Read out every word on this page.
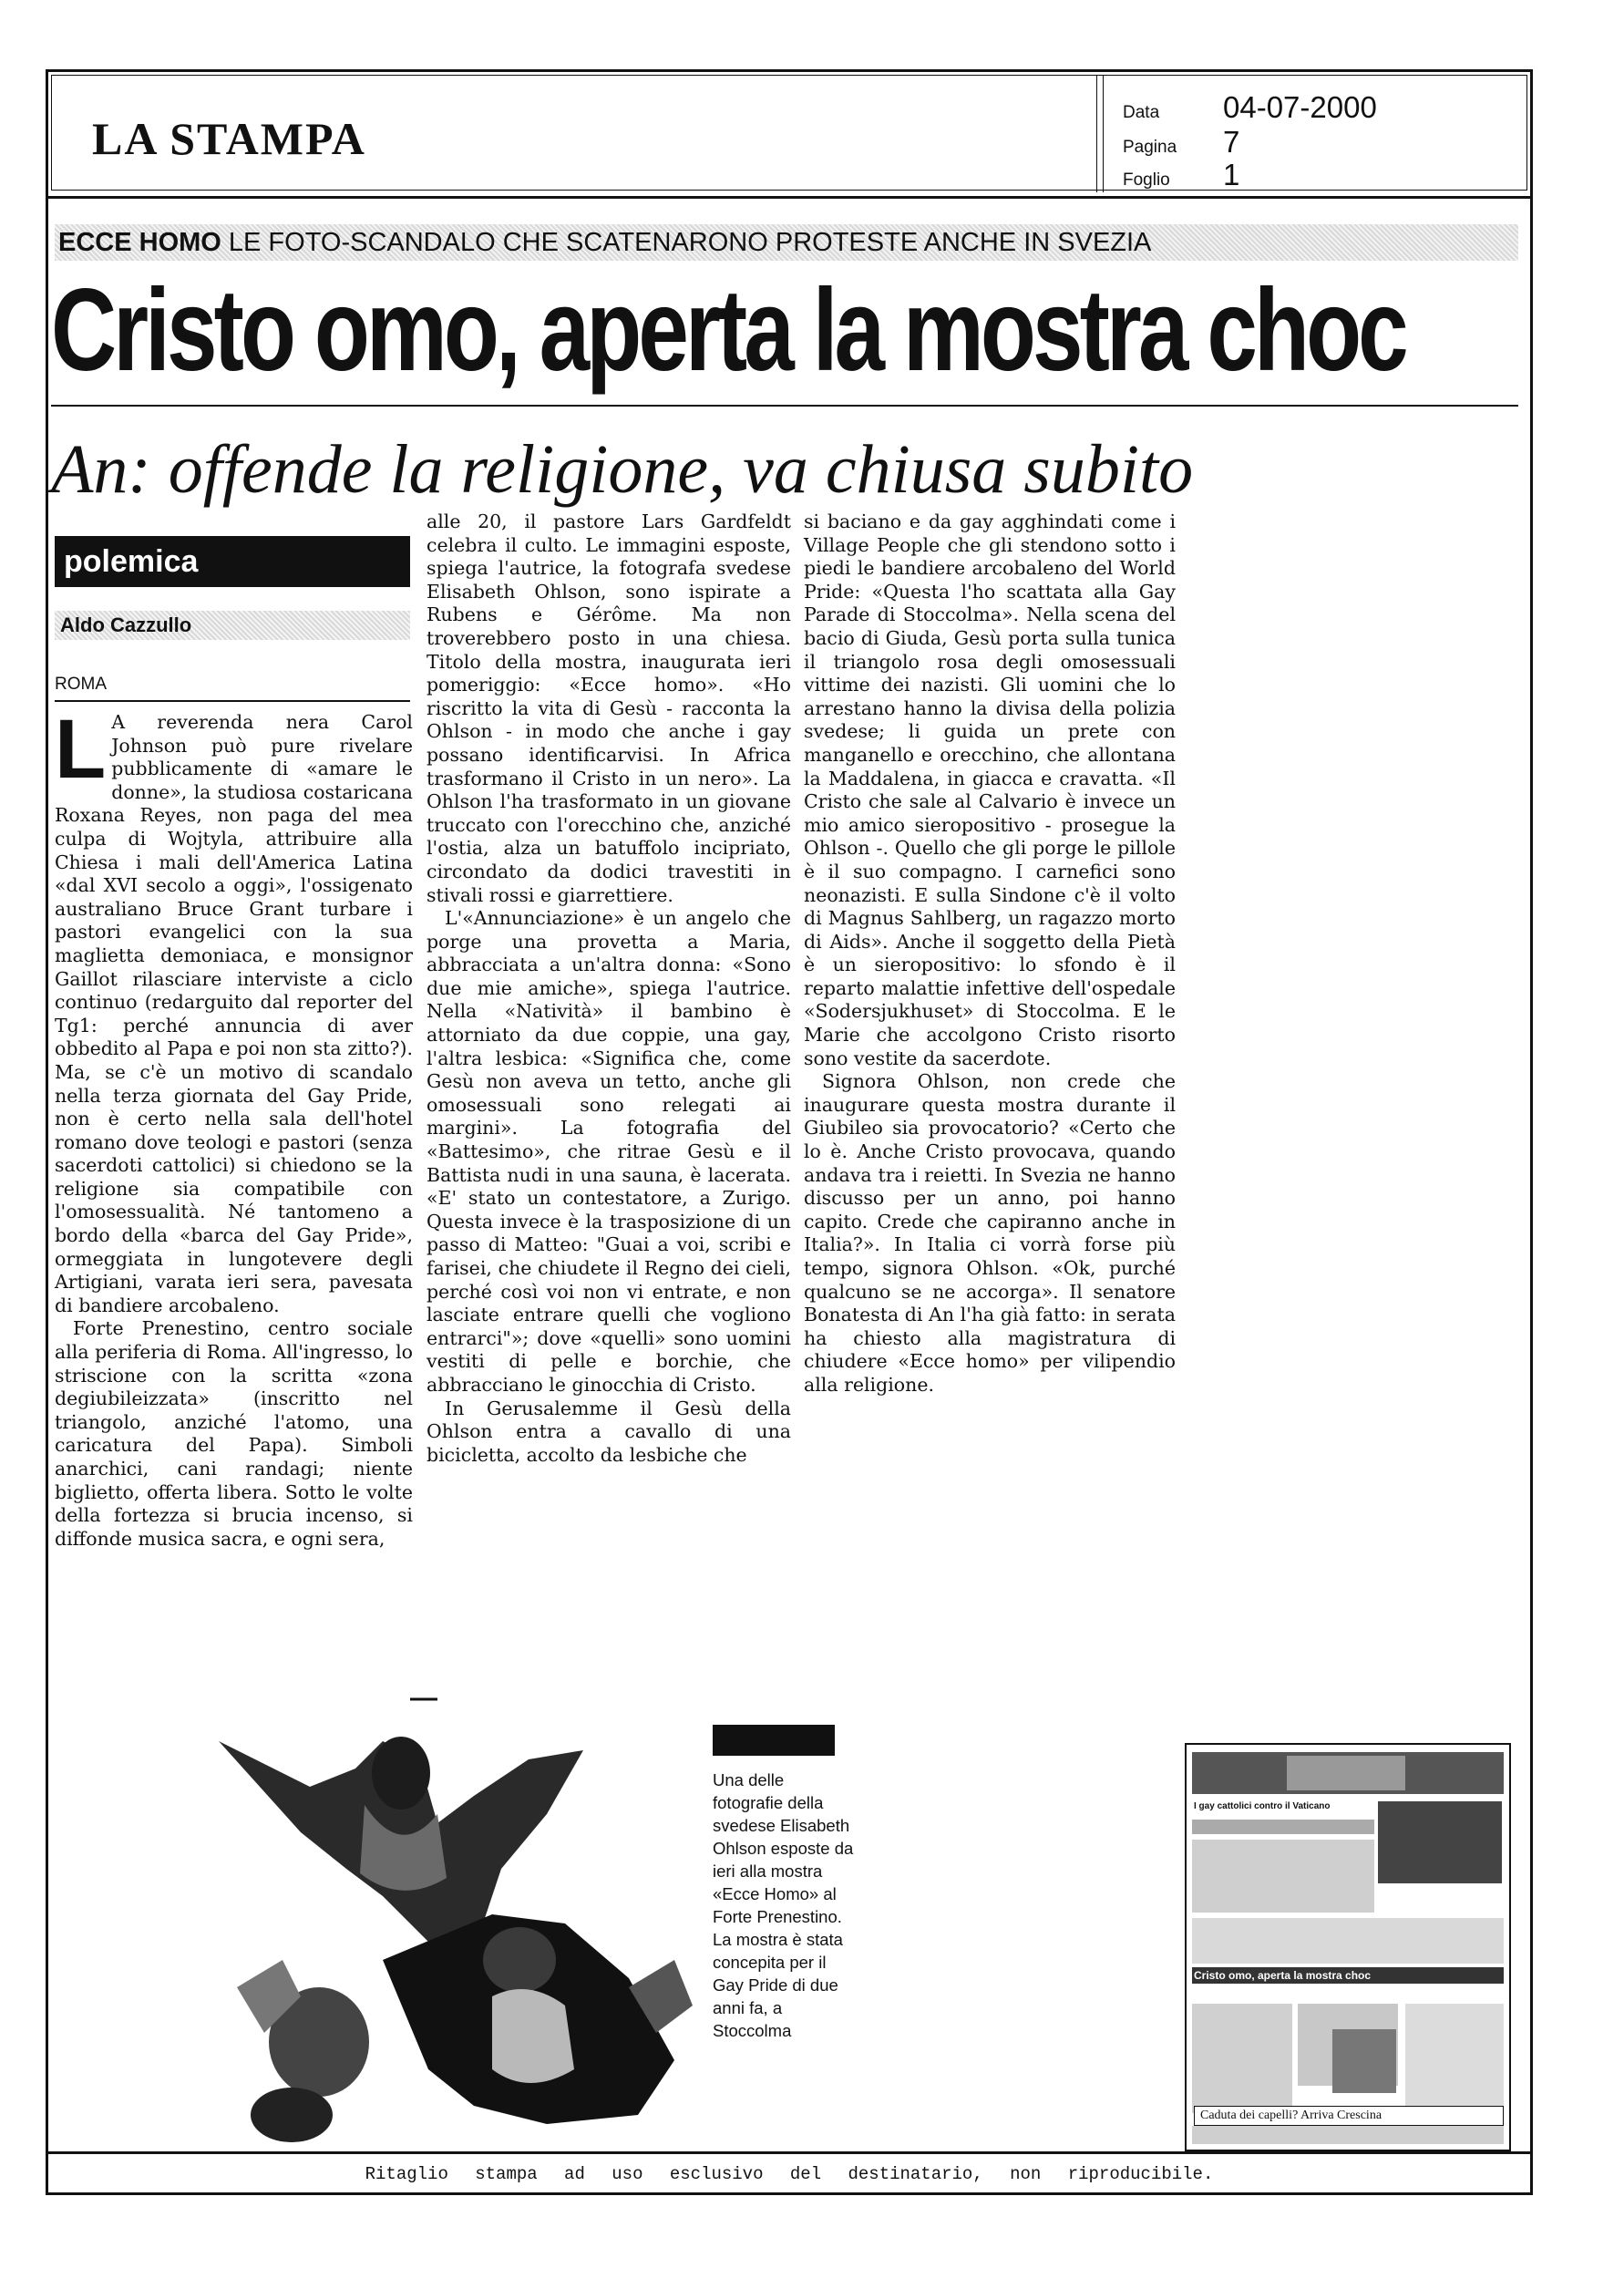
LA STAMPA
Data	04-07-2000
Pagina	7
Foglio	1
ECCE HOMO LE FOTO-SCANDALO CHE SCATENARONO PROTESTE ANCHE IN SVEZIA
Cristo omo, aperta la mostra choc
An: offende la religione, va chiusa subito
polemica
Aldo Cazzullo
ROMA

L A reverenda nera Carol Johnson può pure rivelare pubblicamente di «amare le donne», la studiosa costaricana Roxana Reyes, non paga del mea culpa di Wojtyla, attribuire alla Chiesa i mali dell'America Latina «dal XVI secolo a oggi», l'ossigenato australiano Bruce Grant turbare i pastori evangelici con la sua maglietta demoniaca, e monsignor Gaillot rilasciare interviste a ciclo continuo (redarguito dal reporter del Tg1: perché annuncia di aver obbedito al Papa e poi non sta zitto?). Ma, se c'è un motivo di scandalo nella terza giornata del Gay Pride, non è certo nella sala dell'hotel romano dove teologi e pastori (senza sacerdoti cattolici) si chiedono se la religione sia compatibile con l'omosessualità. Né tantomeno a bordo della «barca del Gay Pride», ormeggiata in lungotevere degli Artigiani, varata ieri sera, pavesata di bandiere arcobaleno.

Forte Prenestino, centro sociale alla periferia di Roma. All'ingresso, lo striscione con la scritta «zona degiubileizzata» (inscritto nel triangolo, anziché l'atomo, una caricatura del Papa). Simboli anarchici, cani randagi; niente biglietto, offerta libera. Sotto le volte della fortezza si brucia incenso, si diffonde musica sacra, e ogni sera,

alle 20, il pastore Lars Gardfeldt celebra il culto. Le immagini esposte, spiega l'autrice, la fotografa svedese Elisabeth Ohlson, sono ispirate a Rubens e Gérôme. Ma non troverebbero posto in una chiesa. Titolo della mostra, inaugurata ieri pomeriggio: «Ecce homo». «Ho riscritto la vita di Gesù - racconta la Ohlson - in modo che anche i gay possano identificarvisi. In Africa trasformano il Cristo in un nero». La Ohlson l'ha trasformato in un giovane truccato con l'orecchino che, anziché l'ostia, alza un batuffolo incipriato, circondato da dodici travestiti in stivali rossi e giarrettiere.

L'«Annunciazione» è un angelo che porge una provetta a Maria, abbracciata a un'altra donna: «Sono due mie amiche», spiega l'autrice. Nella «Natività» il bambino è attorniato da due coppie, una gay, l'altra lesbica: «Significa che, come Gesù non aveva un tetto, anche gli omosessuali sono relegati ai margini». La fotografia del «Battesimo», che ritrae Gesù e il Battista nudi in una sauna, è lacerata. «E' stato un contestatore, a Zurigo. Questa invece è la trasposizione di un passo di Matteo: "Guai a voi, scribi e farisei, che chiudete il Regno dei cieli, perché così voi non vi entrate, e non lasciate entrare quelli che vogliono entrarci"»; dove «quelli» sono uomini vestiti di pelle e borchie, che abbracciano le ginocchia di Cristo.

In Gerusalemme il Gesù della Ohlson entra a cavallo di una bicicletta, accolto da lesbiche che

si baciano e da gay agghindati come i Village People che gli stendono sotto i piedi le bandiere arcobaleno del World Pride: «Questa l'ho scattata alla Gay Parade di Stoccolma». Nella scena del bacio di Giuda, Gesù porta sulla tunica il triangolo rosa degli omosessuali vittime dei nazisti. Gli uomini che lo arrestano hanno la divisa della polizia svedese; li guida un prete con manganello e orecchino, che allontana la Maddalena, in giacca e cravatta. «Il Cristo che sale al Calvario è invece un mio amico sieropositivo - prosegue la Ohlson -. Quello che gli porge le pillole è il suo compagno. I carnefici sono neonazisti. E sulla Sindone c'è il volto di Magnus Sahlberg, un ragazzo morto di Aids». Anche il soggetto della Pietà è un sieropositivo: lo sfondo è il reparto malattie infettive dell'ospedale «Sodersjukhuset» di Stoccolma. E le Marie che accolgono Cristo risorto sono vestite da sacerdote.

Signora Ohlson, non crede che inaugurare questa mostra durante il Giubileo sia provocatorio? «Certo che lo è. Anche Cristo provocava, quando andava tra i reietti. In Svezia ne hanno discusso per un anno, poi hanno capito. Crede che capiranno anche in Italia?». In Italia ci vorrà forse più tempo, signora Ohlson. «Ok, purché qualcuno se ne accorga». Il senatore Bonatesta di An l'ha già fatto: in serata ha chiesto alla magistratura di chiudere «Ecce homo» per vilipendio alla religione.

Una delle fotografie della svedese Elisabeth Ohlson esposte da ieri alla mostra «Ecce Homo» al Forte Prenestino. La mostra è stata concepita per il Gay Pride di due anni fa, a Stoccolma
I gay cattolici contro il Vaticano
Cristo omo, aperta la mostra choc
Caduta dei capelli? Arriva Crescina
Ritaglio stampa ad uso esclusivo del destinatario, non riproducibile.
